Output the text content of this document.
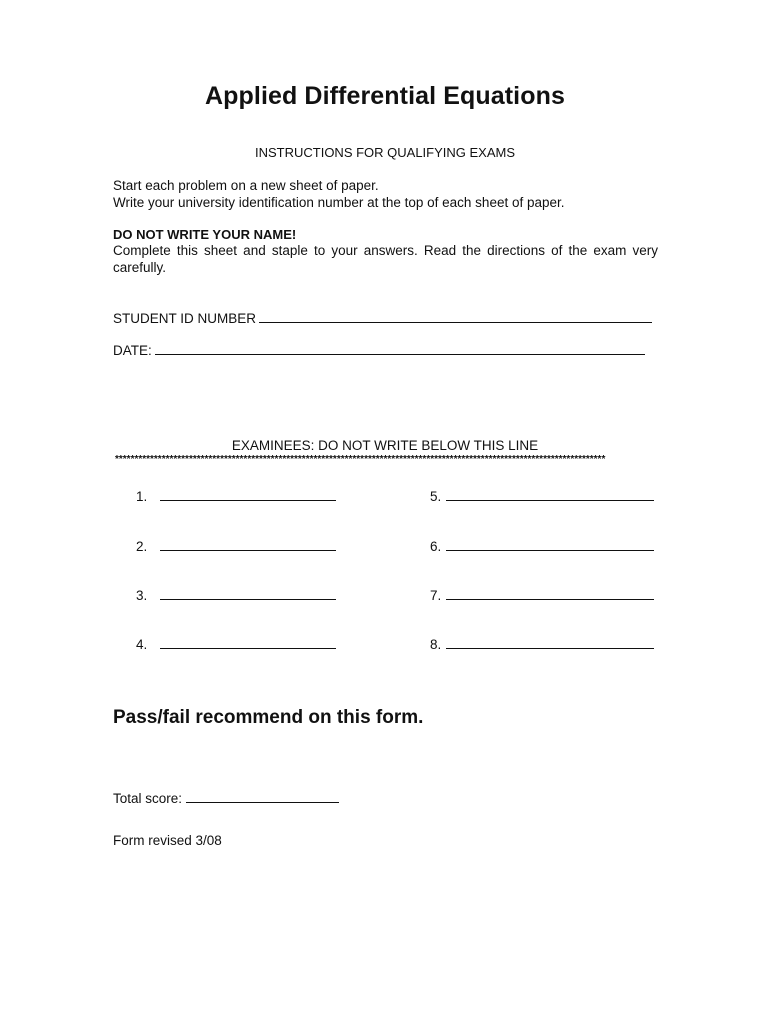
Applied Differential Equations
INSTRUCTIONS FOR QUALIFYING EXAMS
Start each problem on a new sheet of paper.
Write your university identification number at the top of each sheet of paper.
DO NOT WRITE YOUR NAME!
Complete this sheet and staple to your answers. Read the directions of the exam very carefully.
STUDENT ID NUMBER
DATE:
EXAMINEES: DO NOT WRITE BELOW THIS LINE
******************************************************************************************************************************
1.	5.
2.	6.
3.	7.
4.	8.
Pass/fail recommend on this form.
Total score:
Form revised 3/08
